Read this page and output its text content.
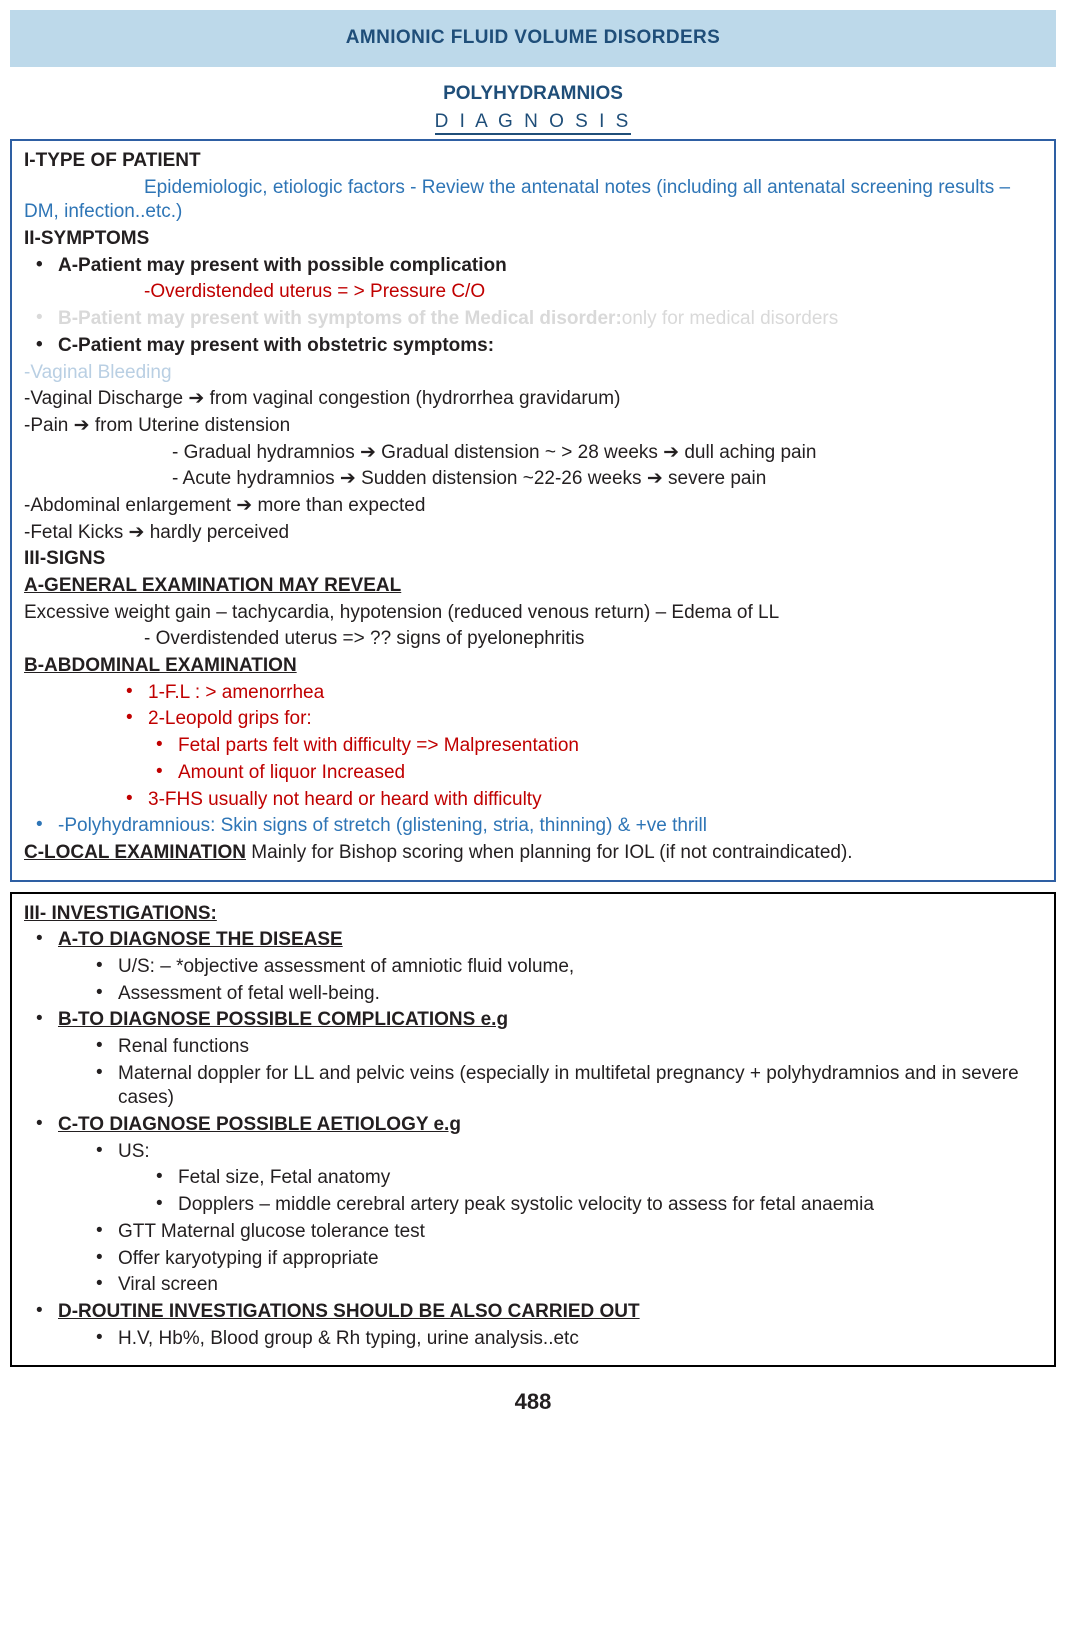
AMNIONIC FLUID VOLUME DISORDERS
POLYHYDRAMNIOS
D I A G N O S I S
I-TYPE OF PATIENT
Epidemiologic, etiologic factors - Review the antenatal notes (including all antenatal screening results –DM, infection..etc.)
II-SYMPTOMS
• A-Patient may present with possible complication
-Overdistended uterus = > Pressure C/O
• B-Patient may present with symptoms of the Medical disorder:only for medical disorders
• C-Patient may present with obstetric symptoms:
-Vaginal Bleeding
-Vaginal Discharge ➔ from vaginal congestion (hydrorrhea gravidarum)
-Pain ➔ from Uterine distension
- Gradual hydramnios ➔ Gradual distension ~ > 28 weeks ➔ dull aching pain
- Acute hydramnios ➔ Sudden distension ~22-26 weeks ➔ severe pain
-Abdominal enlargement ➔ more than expected
-Fetal Kicks ➔ hardly perceived
III-SIGNS
A-GENERAL EXAMINATION MAY REVEAL
Excessive weight gain – tachycardia, hypotension (reduced venous return) – Edema of LL
- Overdistended uterus => ?? signs of pyelonephritis
B-ABDOMINAL EXAMINATION
• 1-F.L : > amenorrhea
• 2-Leopold grips for:
• Fetal parts felt with difficulty => Malpresentation
• Amount of liquor Increased
• 3-FHS usually not heard or heard with difficulty
• -Polyhydramnious: Skin signs of stretch (glistening, stria, thinning) & +ve thrill
C-LOCAL EXAMINATION Mainly for Bishop scoring when planning for IOL (if not contraindicated).
III- INVESTIGATIONS:
• A-TO DIAGNOSE THE DISEASE
• U/S: – *objective assessment of amniotic fluid volume,
• Assessment of fetal well-being.
• B-TO DIAGNOSE POSSIBLE COMPLICATIONS e.g
• Renal functions
• Maternal doppler for LL and pelvic veins (especially in multifetal pregnancy + polyhydramnios and in severe cases)
• C-TO DIAGNOSE POSSIBLE AETIOLOGY e.g
• US:
• Fetal size, Fetal anatomy
• Dopplers – middle cerebral artery peak systolic velocity to assess for fetal anaemia
• GTT Maternal glucose tolerance test
• Offer karyotyping if appropriate
• Viral screen
• D-ROUTINE INVESTIGATIONS SHOULD BE ALSO CARRIED OUT
• H.V, Hb%, Blood group & Rh typing, urine analysis..etc
488
